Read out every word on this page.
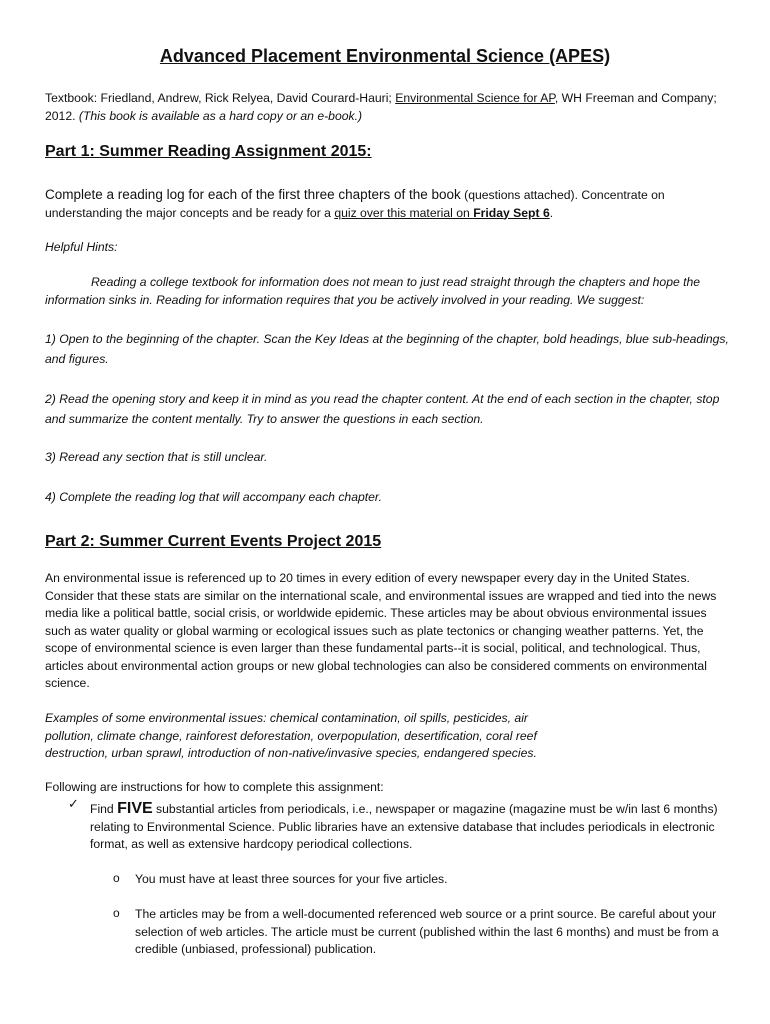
Advanced Placement Environmental Science (APES)

Textbook: Friedland, Andrew, Rick Relyea, David Courard-Hauri; Environmental Science for AP, WH Freeman and Company; 2012. (This book is available as a hard copy or an e-book.)

Part 1: Summer Reading Assignment 2015:

Complete a reading log for each of the first three chapters of the book (questions attached). Concentrate on understanding the major concepts and be ready for a quiz over this material on Friday Sept 6.

Helpful Hints:

Reading a college textbook for information does not mean to just read straight through the chapters and hope the information sinks in. Reading for information requires that you be actively involved in your reading. We suggest:

1) Open to the beginning of the chapter. Scan the Key Ideas at the beginning of the chapter, bold headings, blue sub-headings, and figures.

2) Read the opening story and keep it in mind as you read the chapter content. At the end of each section in the chapter, stop and summarize the content mentally. Try to answer the questions in each section.

3) Reread any section that is still unclear.

4) Complete the reading log that will accompany each chapter.

Part 2: Summer Current Events Project 2015

An environmental issue is referenced up to 20 times in every edition of every newspaper every day in the United States. Consider that these stats are similar on the international scale, and environmental issues are wrapped and tied into the news media like a political battle, social crisis, or worldwide epidemic. These articles may be about obvious environmental issues such as water quality or global warming or ecological issues such as plate tectonics or changing weather patterns. Yet, the scope of environmental science is even larger than these fundamental parts--it is social, political, and technological. Thus, articles about environmental action groups or new global technologies can also be considered comments on environmental science.

Examples of some environmental issues: chemical contamination, oil spills, pesticides, air pollution, climate change, rainforest deforestation, overpopulation, desertification, coral reef destruction, urban sprawl, introduction of non-native/invasive species, endangered species.

Following are instructions for how to complete this assignment:

✓ Find FIVE substantial articles from periodicals, i.e., newspaper or magazine (magazine must be w/in last 6 months) relating to Environmental Science. Public libraries have an extensive database that includes periodicals in electronic format, as well as extensive hardcopy periodical collections.

o You must have at least three sources for your five articles.

o The articles may be from a well-documented referenced web source or a print source. Be careful about your selection of web articles. The article must be current (published within the last 6 months) and must be from a credible (unbiased, professional) publication.
